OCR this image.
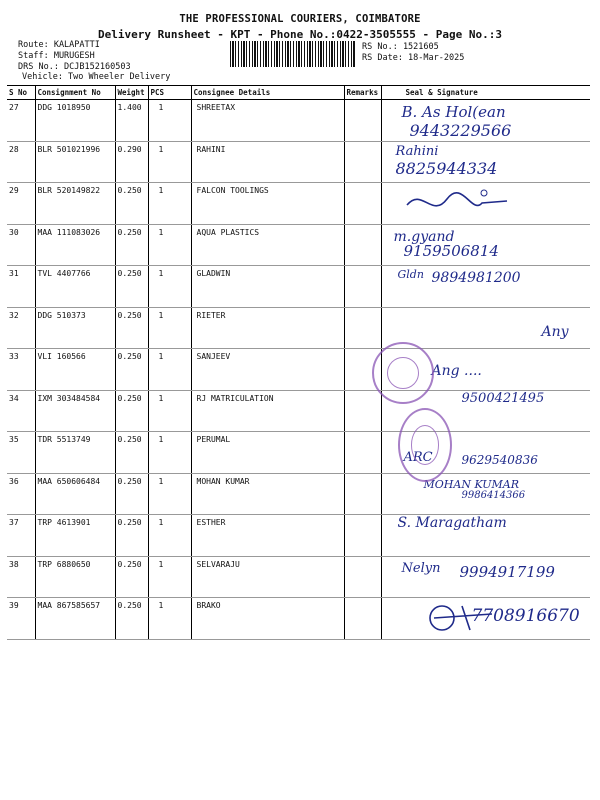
THE PROFESSIONAL COURIERS, COIMBATORE
Delivery Runsheet - KPT - Phone No.:0422-3505555 - Page No.:3
Route: KALAPATTI
Staff: MURUGESH
DRS No.: DCJB152160503
Vehicle: Two Wheeler Delivery
RS No.: 1521605
RS Date: 18-Mar-2025
S No	Consignment No	Weight	PCS	Consignee Details	Remarks	Seal & Signature
27	DDG 1018950	1.400	1	SHREETAX		B. As Hol(ean
9443229566

28	BLR 501021996	0.290	1	RAHINI		Rahini
8825944334

29	BLR 520149822	0.250	1	FALCON TOOLINGS		

30	MAA 111083026	0.250	1	AQUA PLASTICS		m.gyand
9159506814

31	TVL 4407766	0.250	1	GLADWIN		Gldn 9894981200

32	DDG 510373	0.250	1	RIETER		Any

33	VLI 160566	0.250	1	SANJEEV		Ang ....

34	IXM 303484584	0.250	1	RJ MATRICULATION		9500421495

35	TDR 5513749	0.250	1	PERUMAL		ARC 9629540836

36	MAA 650606484	0.250	1	MOHAN KUMAR		MOHAN KUMAR
9986414366

37	TRP 4613901	0.250	1	ESTHER		S. Maragatham

38	TRP 6880650	0.250	1	SELVARAJU		Nelyn 9994917199

39	MAA 867585657	0.250	1	BRAKO		7708916670
